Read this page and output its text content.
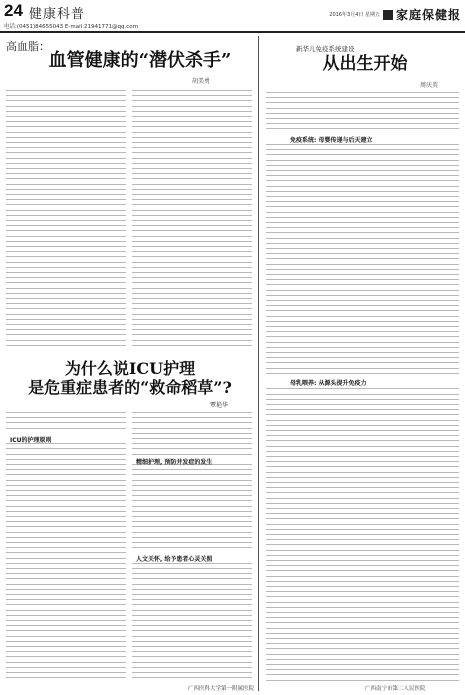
24 健康科普
电话:(0451)84655043 E-mail:21941771@qq.com
2016年3月4日 星期五 家庭保健报
高血脂：
血管健康的“潜伏杀手”
胡美勇
为什么说ICU护理
是危重症患者的“救命稻草”?
覃艳华
ICU的护理原则
精细护理, 预防并发症的发生
人文关怀, 给予患者心灵关照
广西医科大学第一附属医院
新华儿免疫系统建设
从出生开始
周庆英
免疫系统: 母婴传递与后天建立
母乳喂养: 从源头提升免疫力
广西南宁市第二人民医院
